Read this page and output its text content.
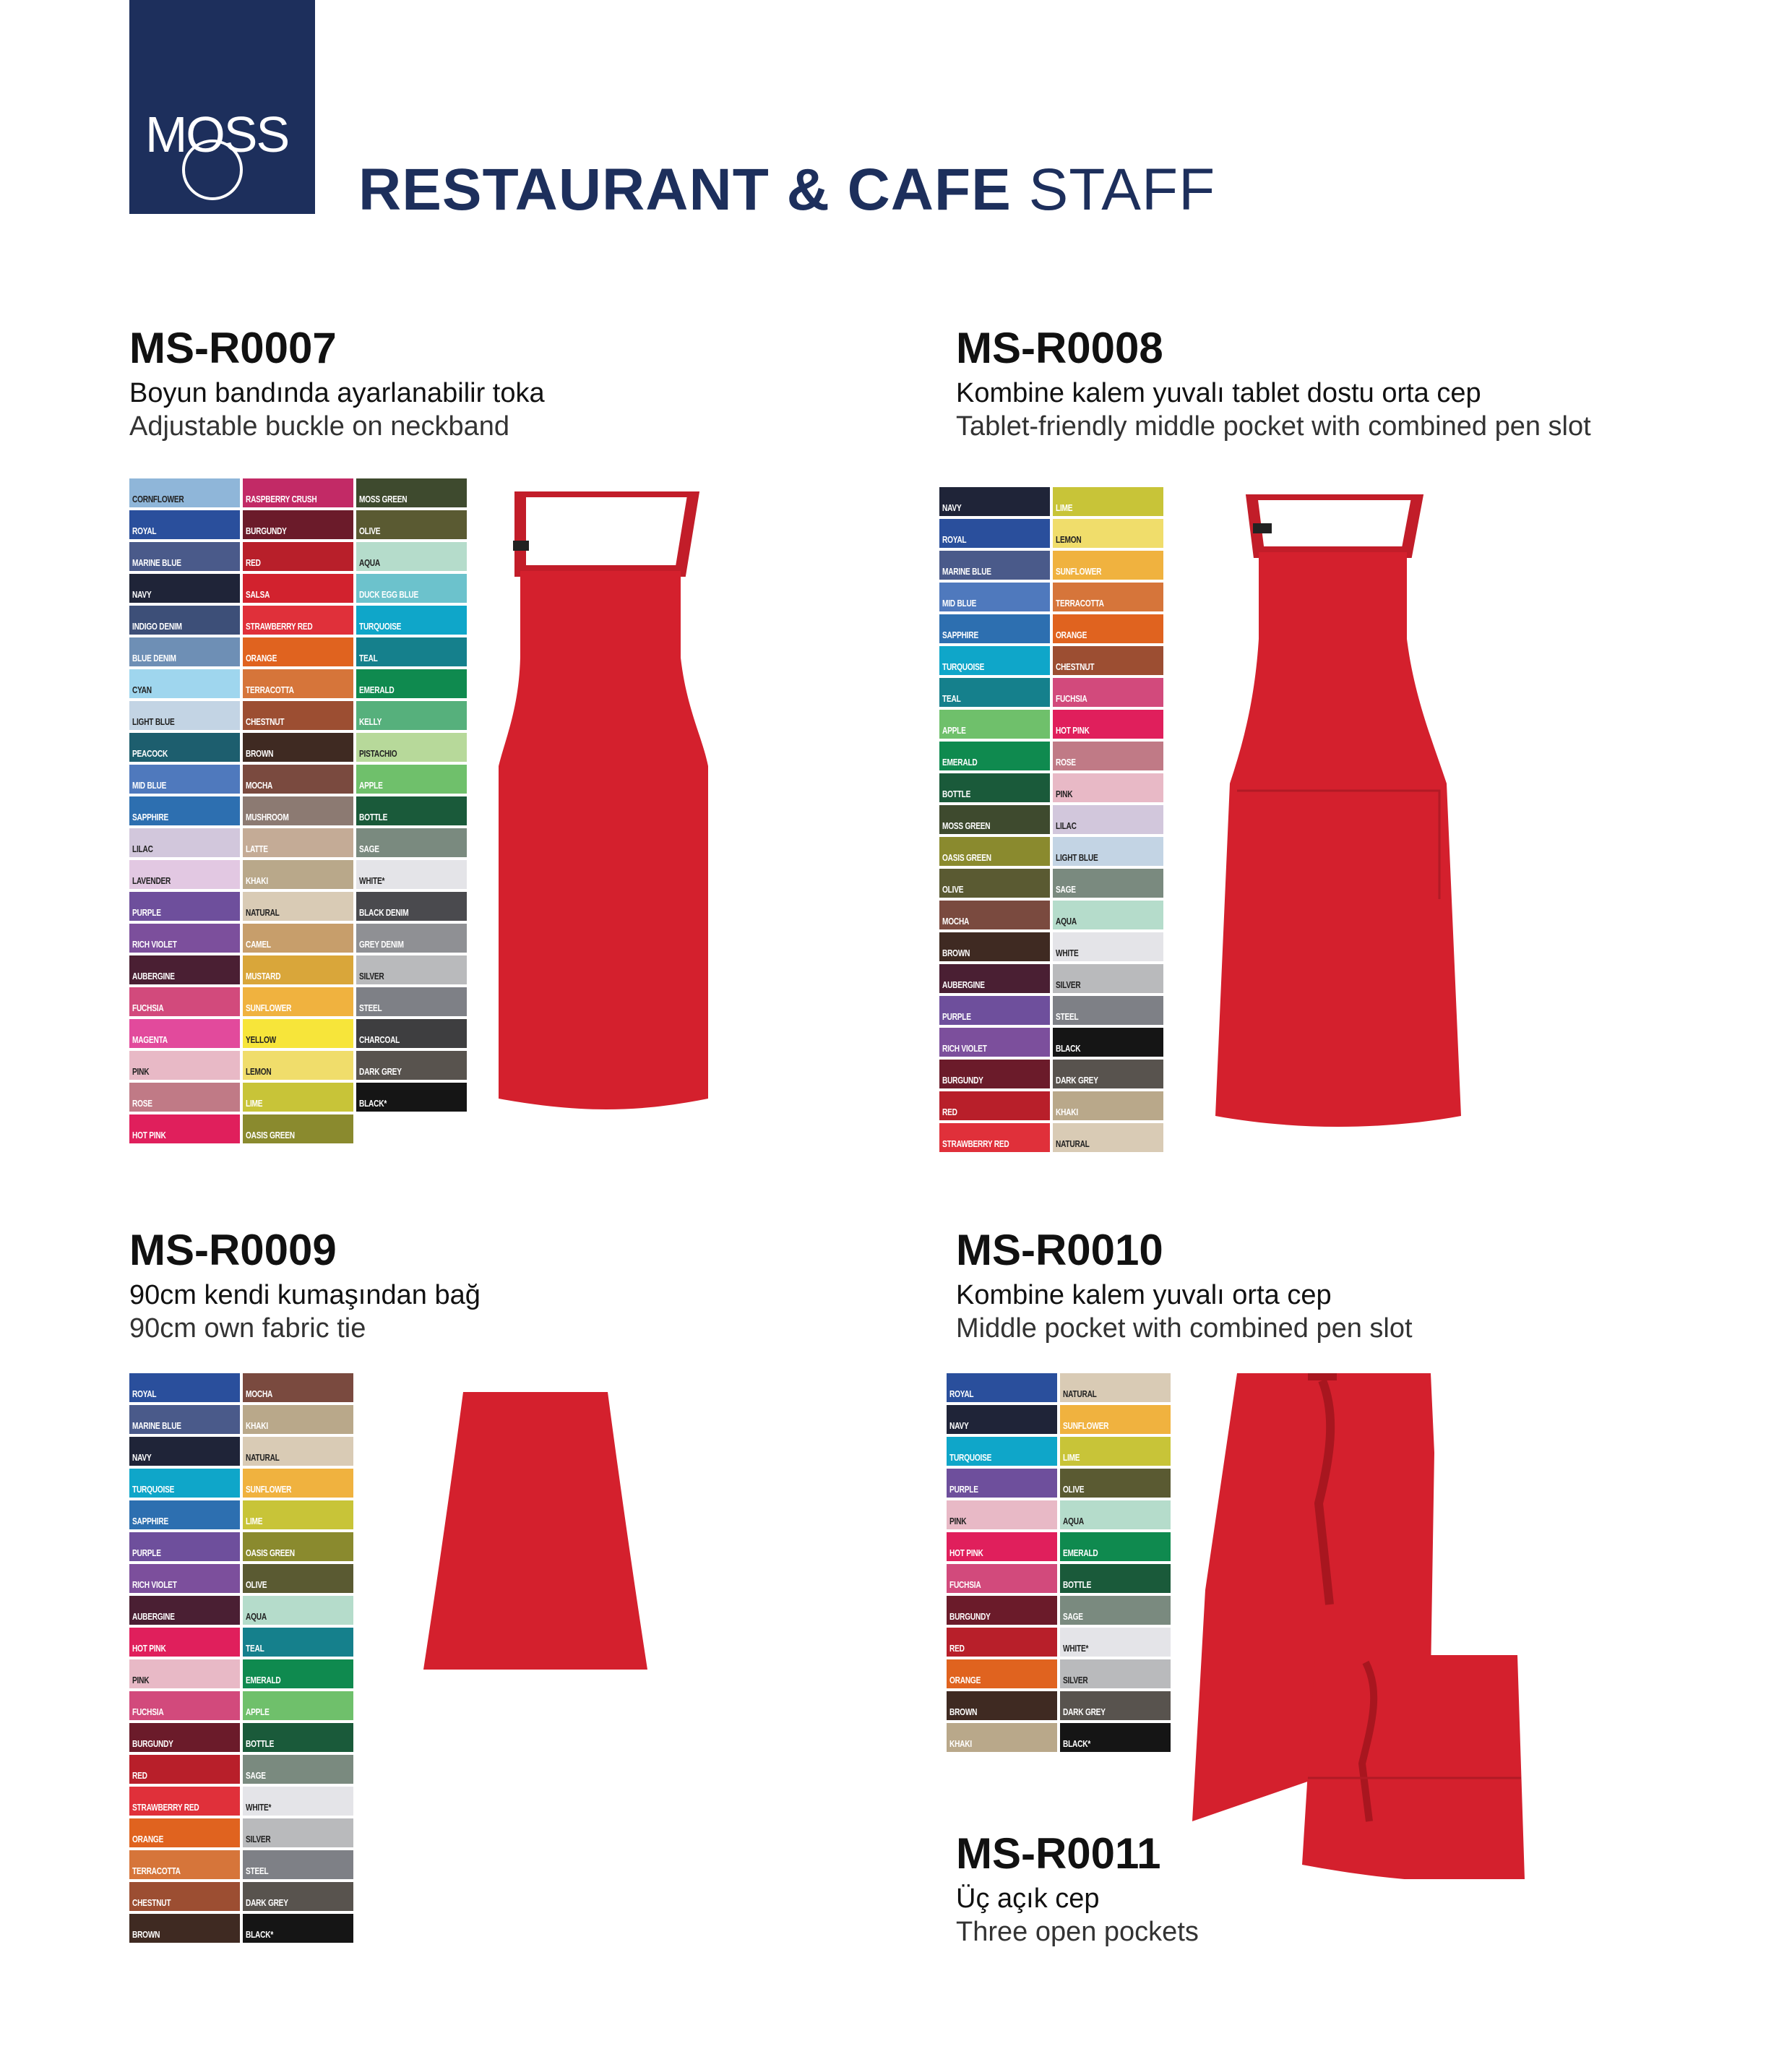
MOSS
RESTAURANT & CAFE STAFF
MS-R0007
Boyun bandında ayarlanabilir toka
Adjustable buckle on neckband
CORNFLOWER
ROYAL
MARINE BLUE
NAVY
INDIGO DENIM
BLUE DENIM
CYAN
LIGHT BLUE
PEACOCK
MID BLUE
SAPPHIRE
LILAC
LAVENDER
PURPLE
RICH VIOLET
AUBERGINE
FUCHSIA
MAGENTA
PINK
ROSE
HOT PINK
RASPBERRY CRUSH
BURGUNDY
RED
SALSA
STRAWBERRY RED
ORANGE
TERRACOTTA
CHESTNUT
BROWN
MOCHA
MUSHROOM
LATTE
KHAKI
NATURAL
CAMEL
MUSTARD
SUNFLOWER
YELLOW
LEMON
LIME
OASIS GREEN
MOSS GREEN
OLIVE
AQUA
DUCK EGG BLUE
TURQUOISE
TEAL
EMERALD
KELLY
PISTACHIO
APPLE
BOTTLE
SAGE
WHITE*
BLACK DENIM
GREY DENIM
SILVER
STEEL
CHARCOAL
DARK GREY
BLACK*
MS-R0008
Kombine kalem yuvalı tablet dostu orta cep
Tablet-friendly middle pocket with combined pen slot
NAVY
ROYAL
MARINE BLUE
MID BLUE
SAPPHIRE
TURQUOISE
TEAL
APPLE
EMERALD
BOTTLE
MOSS GREEN
OASIS GREEN
OLIVE
MOCHA
BROWN
AUBERGINE
PURPLE
RICH VIOLET
BURGUNDY
RED
STRAWBERRY RED
LIME
LEMON
SUNFLOWER
TERRACOTTA
ORANGE
CHESTNUT
FUCHSIA
HOT PINK
ROSE
PINK
LILAC
LIGHT BLUE
SAGE
AQUA
WHITE
SILVER
STEEL
BLACK
DARK GREY
KHAKI
NATURAL
MS-R0009
90cm kendi kumaşından bağ
90cm own fabric tie
ROYAL
MARINE BLUE
NAVY
TURQUOISE
SAPPHIRE
PURPLE
RICH VIOLET
AUBERGINE
HOT PINK
PINK
FUCHSIA
BURGUNDY
RED
STRAWBERRY RED
ORANGE
TERRACOTTA
CHESTNUT
BROWN
MOCHA
KHAKI
NATURAL
SUNFLOWER
LIME
OASIS GREEN
OLIVE
AQUA
TEAL
EMERALD
APPLE
BOTTLE
SAGE
WHITE*
SILVER
STEEL
DARK GREY
BLACK*
MS-R0010
Kombine kalem yuvalı orta cep
Middle pocket with combined pen slot
ROYAL
NAVY
TURQUOISE
PURPLE
PINK
HOT PINK
FUCHSIA
BURGUNDY
RED
ORANGE
BROWN
KHAKI
NATURAL
SUNFLOWER
LIME
OLIVE
AQUA
EMERALD
BOTTLE
SAGE
WHITE*
SILVER
DARK GREY
BLACK*
MS-R0011
Üç açık cep
Three open pockets
